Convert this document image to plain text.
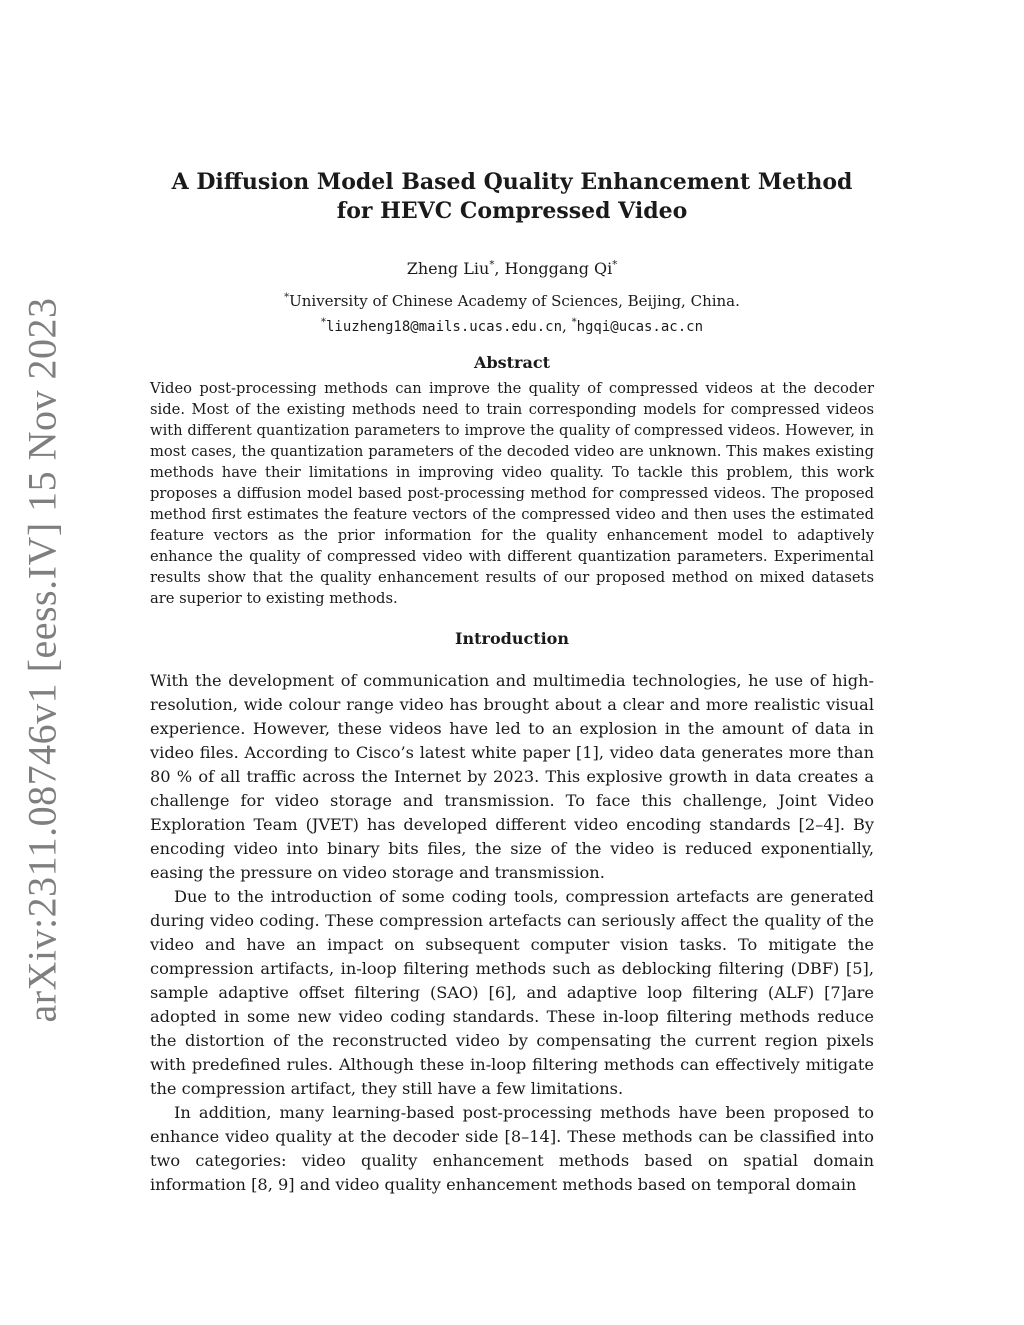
arXiv:2311.08746v1 [eess.IV] 15 Nov 2023
A Diffusion Model Based Quality Enhancement Method for HEVC Compressed Video
Zheng Liu*, Honggang Qi*
*University of Chinese Academy of Sciences, Beijing, China.
*liuzheng18@mails.ucas.edu.cn, *hgqi@ucas.ac.cn
Abstract

Video post-processing methods can improve the quality of compressed videos at the decoder side. Most of the existing methods need to train corresponding models for compressed videos with different quantization parameters to improve the quality of compressed videos. However, in most cases, the quantization parameters of the decoded video are unknown. This makes existing methods have their limitations in improving video quality. To tackle this problem, this work proposes a diffusion model based post-processing method for compressed videos. The proposed method first estimates the feature vectors of the compressed video and then uses the estimated feature vectors as the prior information for the quality enhancement model to adaptively enhance the quality of compressed video with different quantization parameters. Experimental results show that the quality enhancement results of our proposed method on mixed datasets are superior to existing methods.

Introduction

With the development of communication and multimedia technologies, he use of high-resolution, wide colour range video has brought about a clear and more realistic visual experience. However, these videos have led to an explosion in the amount of data in video files. According to Cisco’s latest white paper [1], video data generates more than 80 % of all traffic across the Internet by 2023. This explosive growth in data creates a challenge for video storage and transmission. To face this challenge, Joint Video Exploration Team (JVET) has developed different video encoding standards [2–4]. By encoding video into binary bits files, the size of the video is reduced exponentially, easing the pressure on video storage and transmission.

Due to the introduction of some coding tools, compression artefacts are generated during video coding. These compression artefacts can seriously affect the quality of the video and have an impact on subsequent computer vision tasks. To mitigate the compression artifacts, in-loop filtering methods such as deblocking filtering (DBF) [5], sample adaptive offset filtering (SAO) [6], and adaptive loop filtering (ALF) [7]are adopted in some new video coding standards. These in-loop filtering methods reduce the distortion of the reconstructed video by compensating the current region pixels with predefined rules. Although these in-loop filtering methods can effectively mitigate the compression artifact, they still have a few limitations.

In addition, many learning-based post-processing methods have been proposed to enhance video quality at the decoder side [8–14]. These methods can be classified into two categories: video quality enhancement methods based on spatial domain information [8, 9] and video quality enhancement methods based on temporal domain
